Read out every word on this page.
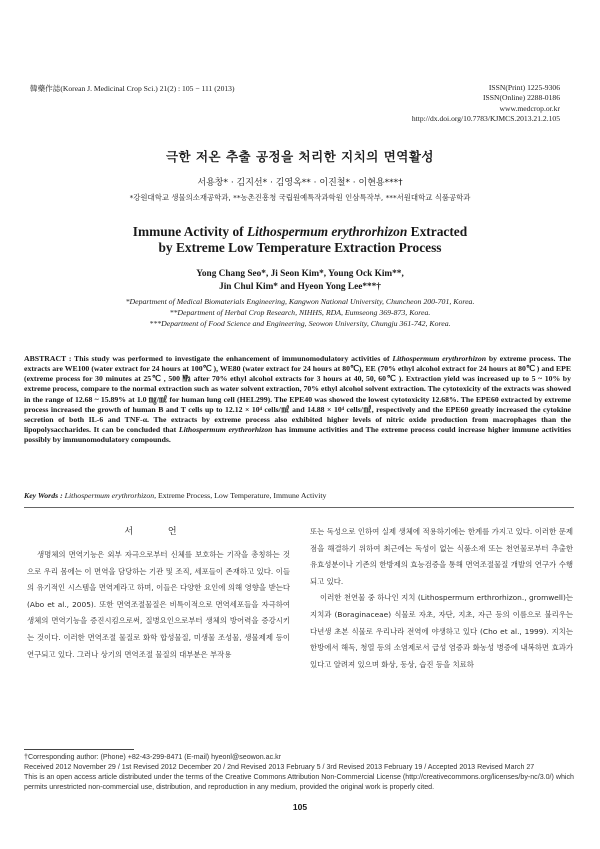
韓藥作誌(Korean J. Medicinal Crop Sci.) 21(2) : 105 − 111 (2013)	ISSN(Print) 1225-9306
ISSN(Online) 2288-0186
www.medcrop.or.kr
http://dx.doi.org/10.7783/KJMCS.2013.21.2.105
극한 저온 추출 공정을 처리한 지치의 면역활성
서용창* · 김지선* · 김영옥** · 이진철* · 이현용***†
*강원대학교 생물의소재공학과, **농촌진흥청 국립원예특작과학원 인삼특작부, ***서원대학교 식품공학과
Immune Activity of Lithospermum erythrorhizon Extracted
by Extreme Low Temperature Extraction Process
Yong Chang Seo*, Ji Seon Kim*, Young Ock Kim**,
Jin Chul Kim* and Hyeon Yong Lee***†
*Department of Medical Biomaterials Engineering, Kangwon National University, Chuncheon 200-701, Korea.
**Department of Herbal Crop Research, NIHHS, RDA, Eumseong 369-873, Korea.
***Department of Food Science and Engineering, Seowon University, Chungju 361-742, Korea.
ABSTRACT : This study was performed to investigate the enhancement of immunomodulatory activities of Lithospermum erythrorhizon by extreme process. The extracts are WE100 (water extract for 24 hours at 100℃ ), WE80 (water extract for 24 hours at 80℃), EE (70% ethyl alcohol extract for 24 hours at 80℃ ) and EPE (extreme process for 30 minutes at 25℃ , 500 ㎫ after 70% ethyl alcohol extracts for 3 hours at 40, 50, 60℃ ). Extraction yield was increased up to 5 ~ 10% by extreme process, compare to the normal extraction such as water solvent extraction, 70% ethyl alcohol solvent extraction. The cytotoxicity of the extracts was showed in the range of 12.68 ~ 15.89% at 1.0 ㎎/㎖ for human lung cell (HEL299). The EPE40 was showed the lowest cytotoxicity 12.68%. The EPE60 extracted by extreme process increased the growth of human B and T cells up to 12.12 × 10⁴ cells/㎖ and 14.88 × 10⁴ cells/㎖, respectively and the EPE60 greatly increased the cytokine secretion of both IL-6 and TNF-α. The extracts by extreme process also exhibited higher levels of nitric oxide production from macrophages than the lipopolysaccharides. It can be concluded that Lithospermum erythrorhizon has immune activities and The extreme process could increase higher immune activities possibly by immunomodulatory compounds.
Key Words : Lithospermum erythrorhizon, Extreme Process, Low Temperature, Immune Activity
서 언

생명체의 면역기능은 외부 자극으로부터 신체를 보호하는 기작을 총칭하는 것으로 우리 몸에는 이 면역을 담당하는 기관 및 조직, 세포들이 존재하고 있다. 이들의 유기적인 시스템을 면역계라고 하며, 이들은 다양한 요인에 의해 영향을 받는다 (Abo et al., 2005). 또한 면역조절물질은 비특이적으로 면역세포들을 자극하여 생체의 면역기능을 증진시킴으로써, 질병요인으로부터 생체의 방어력을 증강시키는 것이다. 이러한 면역조절 물질로 화학 합성물질, 미생물 조성물, 생물제제 등이 연구되고 있다. 그러나 상기의 면역조절 물질의 대부분은 부작용

또는 독성으로 인하여 실제 생체에 적용하기에는 한계를 가지고 있다. 이러한 문제점을 해결하기 위하여 최근에는 독성이 없는 식품소재 또는 천연물로부터 추출한 유효성분이나 기존의 한방제의 효능검증을 통해 면역조절물질 개발의 연구가 수행되고 있다.

이러한 천연물 중 하나인 지치 (Lithospermum erthrorhizon., gromwell)는 지치과 (Boraginaceae) 식물로 자초, 자단, 지초, 자근 등의 이름으로 불리우는 다년생 초본 식물로 우리나라 전역에 야생하고 있다 (Cho et al., 1999). 지치는 한방에서 해독, 청열 등의 소염제로서 급성 염증과 화농성 병증에 내복하면 효과가 있다고 알려져 있으며 화상, 동상, 습진 등을 치료하

†Corresponding author: (Phone) +82-43-299-8471 (E-mail) hyeonl@seowon.ac.kr
Received 2012 November 29 / 1st Revised 2012 December 20 / 2nd Revised 2013 February 5 / 3rd Revised 2013 February 19 / Accepted 2013 Revised March 27
This is an open access article distributed under the terms of the Creative Commons Attribution Non-Commercial License (http://creativecommons.org/licenses/by-nc/3.0/) which permits unrestricted non-commercial use, distribution, and reproduction in any medium, provided the original work is properly cited.
105
